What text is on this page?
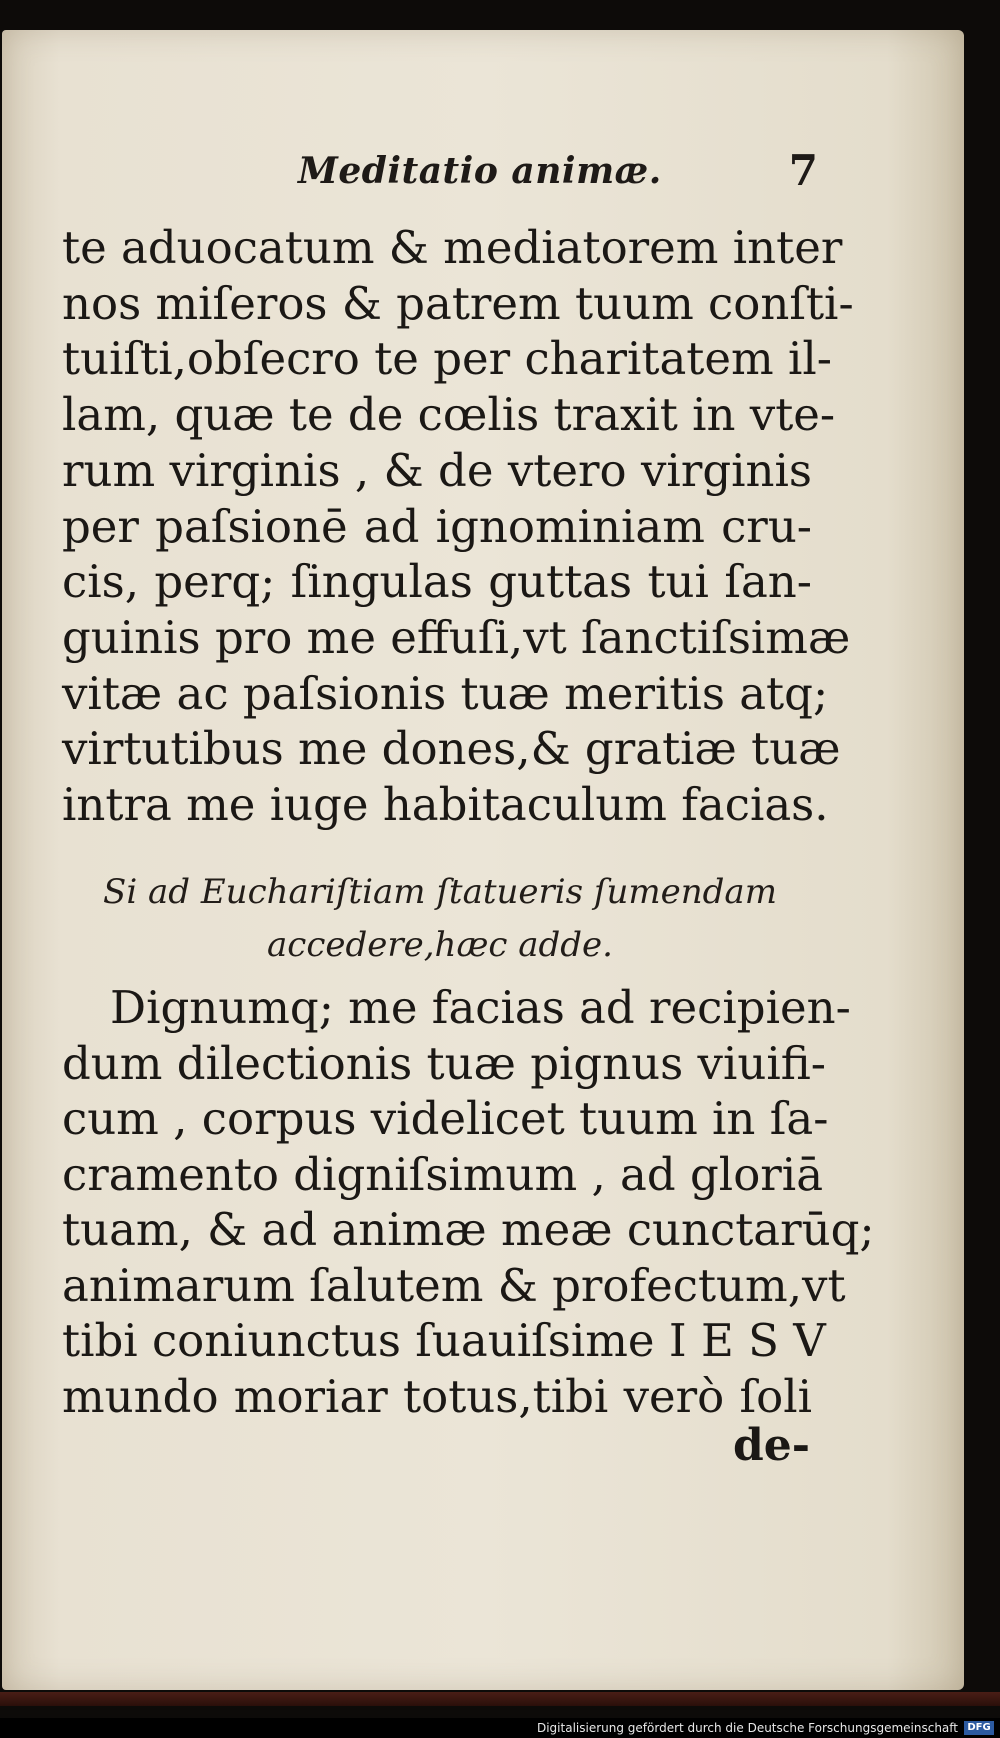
Meditatio animæ.	7
te aduocatum & mediatorem inter
nos miſeros & patrem tuum conſti-
tuiſti,obſecro te per charitatem il-
lam, quæ te de cœlis traxit in vte-
rum virginis , & de vtero virginis
per paſsionē ad ignominiam cru-
cis, perq; ſingulas guttas tui ſan-
guinis pro me effuſi,vt ſanctiſsimæ
vitæ ac paſsionis tuæ meritis atq;
virtutibus me dones,& gratiæ tuæ
intra me iuge habitaculum facias.
Si ad Euchariſtiam ſtatueris ſumendam
accedere,hæc adde.
Dignumq; me facias ad recipien-
dum dilectionis tuæ pignus viuifi-
cum , corpus videlicet tuum in ſa-
cramento digniſsimum , ad gloriā
tuam, & ad animæ meæ cunctarūq;
animarum ſalutem & profectum,vt
tibi coniunctus ſuauiſsime I E S V
mundo moriar totus,tibi verò ſoli
de-
Digitalisierung gefördert durch die Deutsche Forschungsgemeinschaft DFG
